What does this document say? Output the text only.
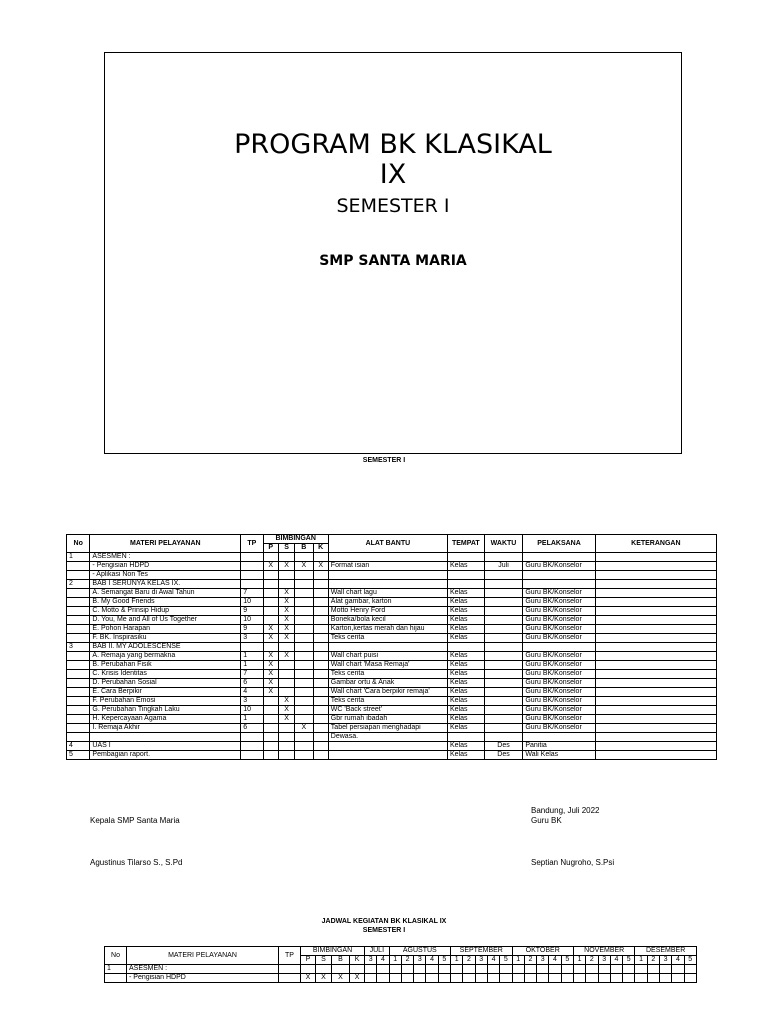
PROGRAM BK KLASIKAL
IX
SEMESTER I
SMP SANTA MARIA
SEMESTER I
No	MATERI PELAYANAN	TP	BIMBINGAN				ALAT BANTU	TEMPAT	WAKTU	PELAKSANA	KETERANGAN
			P	S	B	K					
1	ASESMEN :										
	- Pengisian HDPD		X	X	X	X	Format isian	Kelas	Juli	Guru BK/Konselor	
	- Aplikasi Non Tes										
2	BAB I SERUNYA KELAS IX.										
	A. Semangat Baru di Awal Tahun	7		X			Wall chart lagu	Kelas		Guru BK/Konselor	
	B. My Good Friends	10		X			Alat gambar, karton	Kelas		Guru BK/Konselor	
	C. Motto & Prinsip Hidup	9		X			Motto Henry Ford	Kelas		Guru BK/Konselor	
	D. You, Me and All of Us Together	10		X			Boneka/bola kecil	Kelas		Guru BK/Konselor	
	E. Pohon Harapan	9	X	X			Karton,kertas merah dan hijau	Kelas		Guru BK/Konselor	
	F. BK. Inspirasiku	3	X	X			Teks cerita	Kelas		Guru BK/Konselor	
3	BAB II. MY ADOLESCENSE										
	A. Remaja yang bermakna	1	X	X			Wall chart puisi	Kelas		Guru BK/Konselor	
	B. Perubahan Fisik	1	X				Wall chart 'Masa Remaja'	Kelas		Guru BK/Konselor	
	C. Krisis Identitas	7	X				Teks cerita	Kelas		Guru BK/Konselor	
	D. Perubahan Sosial	6	X				Gambar ortu & Anak	Kelas		Guru BK/Konselor	
	E. Cara Berpikir	4	X				Wall chart 'Cara berpikir remaja'	Kelas		Guru BK/Konselor	
	F. Perubahan Emosi	3		X			Teks cerita	Kelas		Guru BK/Konselor	
	G. Perubahan Tingkah Laku	10		X			WC 'Back street'	Kelas		Guru BK/Konselor	
	H. Kepercayaan Agama	1		X			Gbr rumah ibadah	Kelas		Guru BK/Konselor	
	I. Remaja Akhir	6			X		Tabel persiapan menghadapi	Kelas		Guru BK/Konselor	
							Dewasa.				
4	UAS I							Kelas	Des	Panitia	
5	Pembagian raport.							Kelas	Des	Wali Kelas	
Bandung, Juli 2022
Guru BK
Kepala SMP Santa Maria
Agustinus Tilarso S., S.Pd	Septian Nugroho, S.Psi
JADWAL KEGIATAN BK KLASIKAL IX
SEMESTER I
No	MATERI PELAYANAN	TP	BIMBINGAN				JULI		AGUSTUS					SEPTEMBER					OKTOBER					NOVEMBER					DESEMBER				
			P	S	B	K	3	4	1	2	3	4	5	1	2	3	4	5	1	2	3	4	5	1	2	3	4	5	1	2	3	4	5
1	ASESMEN :																																
	- Pengisian HDPD		X	X	X	X																											
